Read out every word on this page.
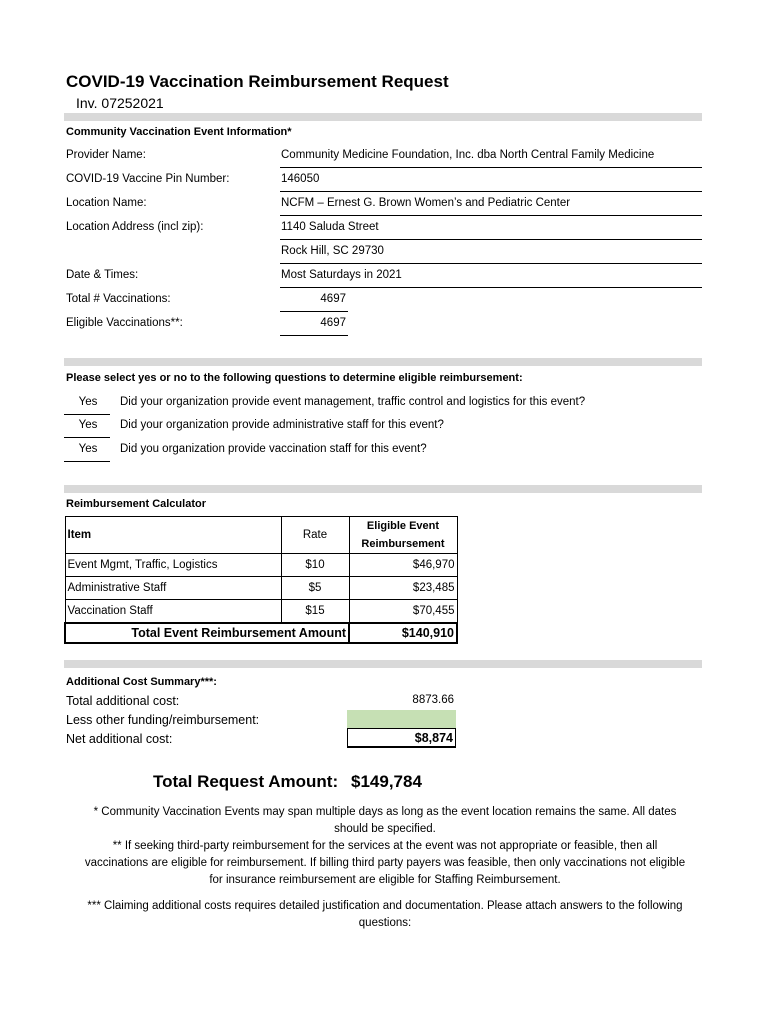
COVID-19 Vaccination Reimbursement Request
Inv. 07252021
Community Vaccination Event Information*
Provider Name:	Community Medicine Foundation, Inc. dba North Central Family Medicine
COVID-19 Vaccine Pin Number:	146050
Location Name:	NCFM – Ernest G. Brown Women’s and Pediatric Center
Location Address (incl zip):	1140 Saluda Street
Rock Hill, SC 29730
Date & Times:	Most Saturdays in 2021
Total # Vaccinations:	4697
Eligible Vaccinations**:	4697
Please select yes or no to the following questions to determine eligible reimbursement:
Yes	Did your organization provide event management, traffic control and logistics for this event?
Yes	Did your organization provide administrative staff for this event?
Yes	Did you organization provide vaccination staff for this event?
Reimbursement Calculator
Item	Rate	Eligible Event
Reimbursement

Event Mgmt, Traffic, Logistics	$10	$46,970
Administrative Staff	$5	$23,485
Vaccination Staff	$15	$70,455
Total Event Reimbursement Amount		$140,910
Additional Cost Summary***:
Total additional cost:	8873.66
Less other funding/reimbursement:
Net additional cost:	$8,874
Total Request Amount: $149,784
* Community Vaccination Events may span multiple days as long as the event location remains the same. All dates should be specified.
** If seeking third-party reimbursement for the services at the event was not appropriate or feasible, then all vaccinations are eligible for reimbursement. If billing third party payers was feasible, then only vaccinations not eligible for insurance reimbursement are eligible for Staffing Reimbursement.
*** Claiming additional costs requires detailed justification and documentation. Please attach answers to the following questions:
